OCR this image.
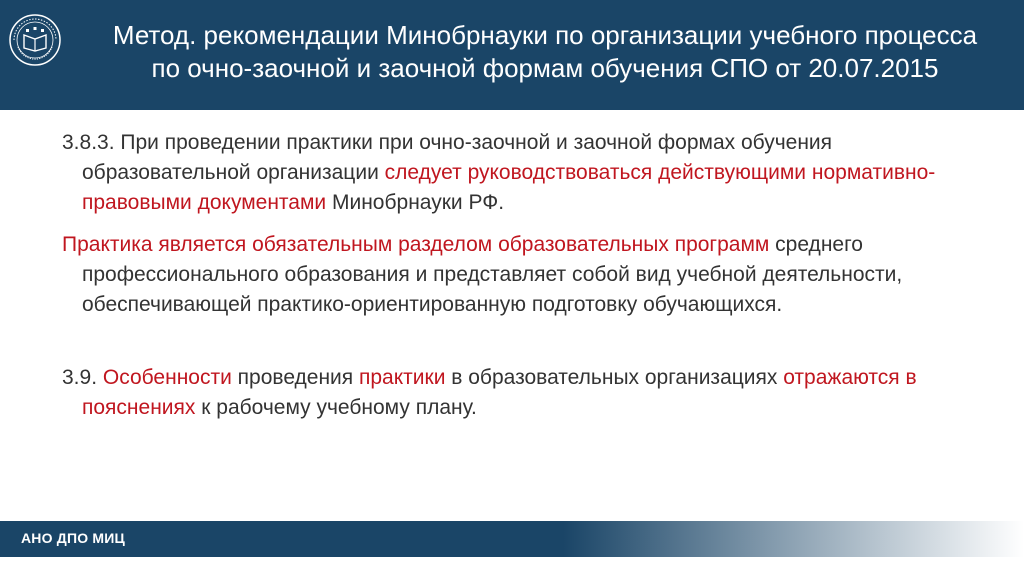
Метод. рекомендации Минобрнауки по организации учебного процесса
по очно-заочной и заочной формам обучения СПО от 20.07.2015

3.8.3. При проведении практики при очно-заочной и заочной формах обучения образовательной организации следует руководствоваться действующими нормативно-правовыми документами Минобрнауки РФ.

Практика является обязательным разделом образовательных программ среднего профессионального образования и представляет собой вид учебной деятельности, обеспечивающей практико-ориентированную подготовку обучающихся.

3.9. Особенности проведения практики в образовательных организациях отражаются в пояснениях к рабочему учебному плану.

АНО ДПО МИЦ
